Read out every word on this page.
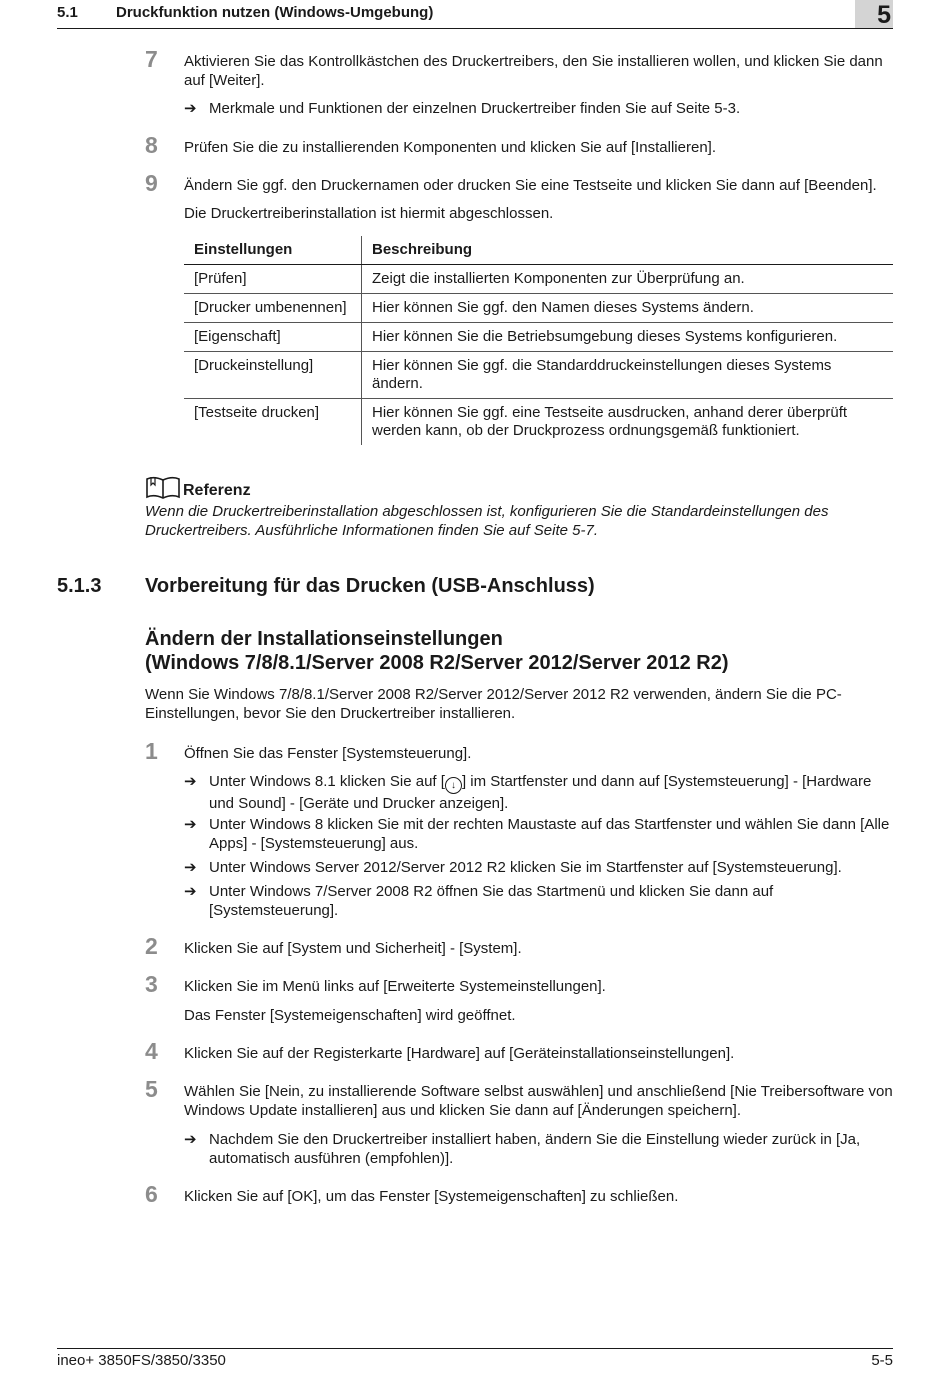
5.1	Druckfunktion nutzen (Windows-Umgebung)	5
7 Aktivieren Sie das Kontrollkästchen des Druckertreibers, den Sie installieren wollen, und klicken Sie dann auf [Weiter].
➔ Merkmale und Funktionen der einzelnen Druckertreiber finden Sie auf Seite 5-3.
8 Prüfen Sie die zu installierenden Komponenten und klicken Sie auf [Installieren].
9 Ändern Sie ggf. den Druckernamen oder drucken Sie eine Testseite und klicken Sie dann auf [Beenden].
Die Druckertreiberinstallation ist hiermit abgeschlossen.
Einstellungen	Beschreibung
[Prüfen]	Zeigt die installierten Komponenten zur Überprüfung an.
[Drucker umbenennen]	Hier können Sie ggf. den Namen dieses Systems ändern.
[Eigenschaft]	Hier können Sie die Betriebsumgebung dieses Systems konfigurieren.
[Druckeinstellung]	Hier können Sie ggf. die Standarddruckeinstellungen dieses Systems ändern.
[Testseite drucken]	Hier können Sie ggf. eine Testseite ausdrucken, anhand derer überprüft werden kann, ob der Druckprozess ordnungsgemäß funktioniert.
Referenz
Wenn die Druckertreiberinstallation abgeschlossen ist, konfigurieren Sie die Standardeinstellungen des Druckertreibers. Ausführliche Informationen finden Sie auf Seite 5-7.
5.1.3 Vorbereitung für das Drucken (USB-Anschluss)
Ändern der Installationseinstellungen
(Windows 7/8/8.1/Server 2008 R2/Server 2012/Server 2012 R2)
Wenn Sie Windows 7/8/8.1/Server 2008 R2/Server 2012/Server 2012 R2 verwenden, ändern Sie die PC-Einstellungen, bevor Sie den Druckertreiber installieren.
1 Öffnen Sie das Fenster [Systemsteuerung].
➔ Unter Windows 8.1 klicken Sie auf [ ↓ ] im Startfenster und dann auf [Systemsteuerung] - [Hardware und Sound] - [Geräte und Drucker anzeigen].
➔ Unter Windows 8 klicken Sie mit der rechten Maustaste auf das Startfenster und wählen Sie dann [Alle Apps] - [Systemsteuerung] aus.
➔ Unter Windows Server 2012/Server 2012 R2 klicken Sie im Startfenster auf [Systemsteuerung].
➔ Unter Windows 7/Server 2008 R2 öffnen Sie das Startmenü und klicken Sie dann auf [Systemsteuerung].
2 Klicken Sie auf [System und Sicherheit] - [System].
3 Klicken Sie im Menü links auf [Erweiterte Systemeinstellungen].
Das Fenster [Systemeigenschaften] wird geöffnet.
4 Klicken Sie auf der Registerkarte [Hardware] auf [Geräteinstallationseinstellungen].
5 Wählen Sie [Nein, zu installierende Software selbst auswählen] und anschließend [Nie Treibersoftware von Windows Update installieren] aus und klicken Sie dann auf [Änderungen speichern].
➔ Nachdem Sie den Druckertreiber installiert haben, ändern Sie die Einstellung wieder zurück in [Ja, automatisch ausführen (empfohlen)].
6 Klicken Sie auf [OK], um das Fenster [Systemeigenschaften] zu schließen.
ineo+ 3850FS/3850/3350	5-5
